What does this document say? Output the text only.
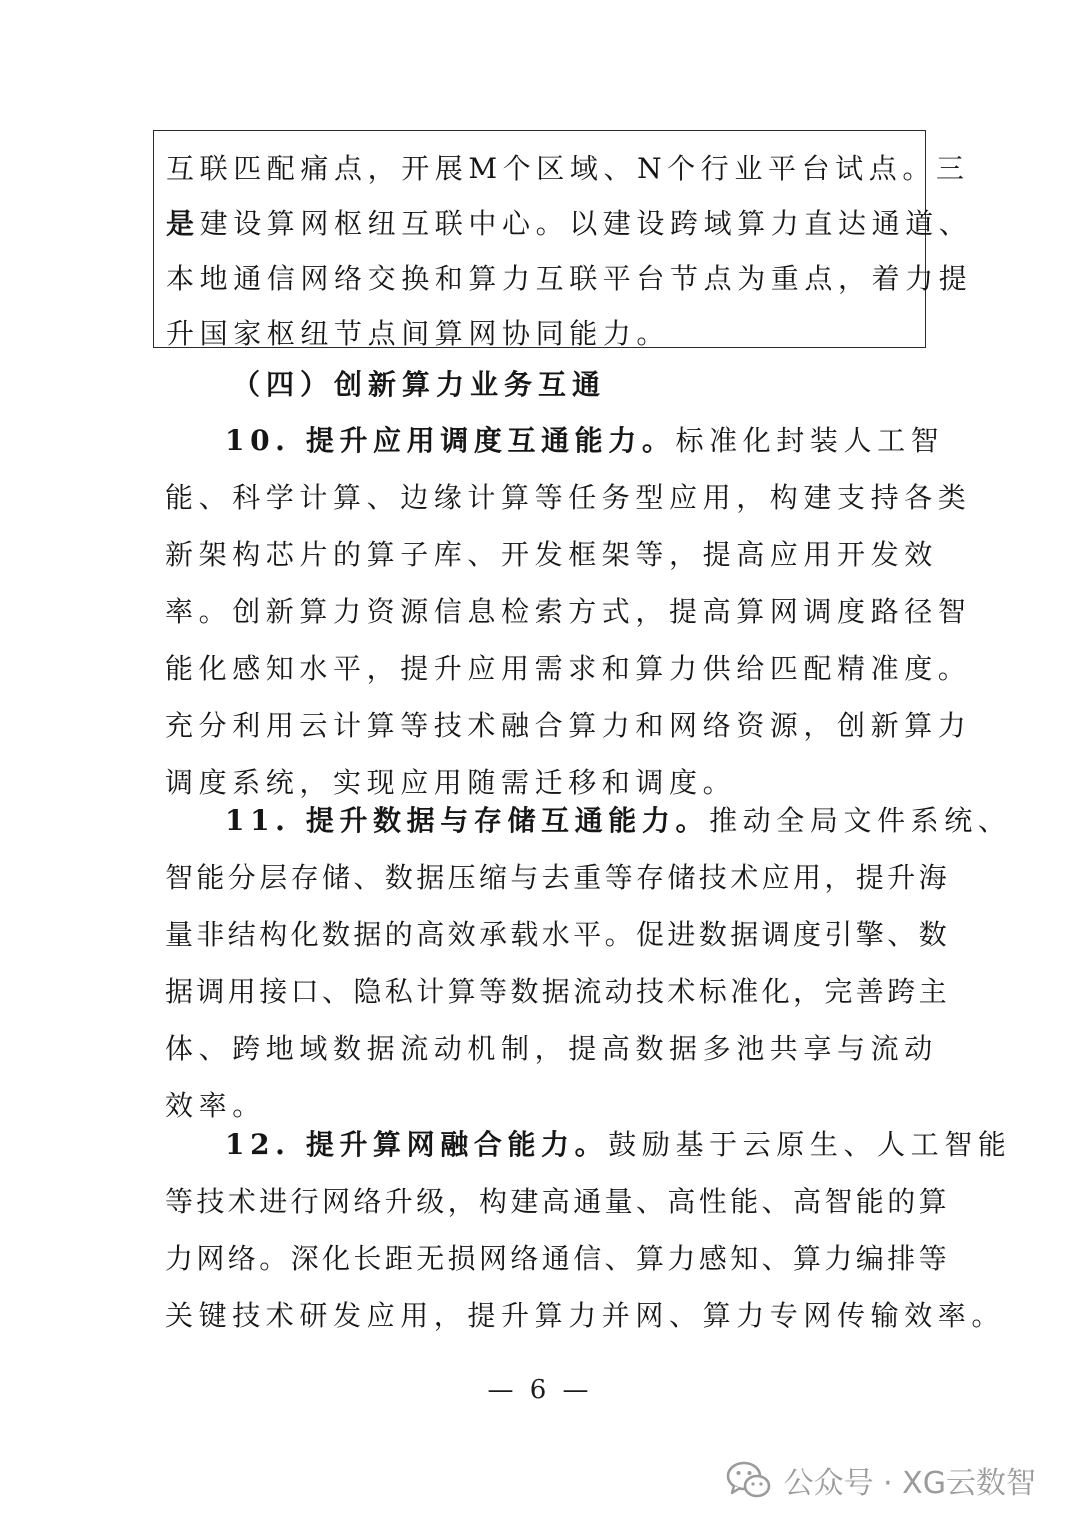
互联匹配痛点，开展M个区域、N个行业平台试点。三
是建设算网枢纽互联中心。以建设跨域算力直达通道、
本地通信网络交换和算力互联平台节点为重点，着力提
升国家枢纽节点间算网协同能力。
（四）创新算力业务互通
10. 提升应用调度互通能力。标准化封装人工智
能、科学计算、边缘计算等任务型应用，构建支持各类
新架构芯片的算子库、开发框架等，提高应用开发效
率。创新算力资源信息检索方式，提高算网调度路径智
能化感知水平，提升应用需求和算力供给匹配精准度。
充分利用云计算等技术融合算力和网络资源，创新算力
调度系统，实现应用随需迁移和调度。
11. 提升数据与存储互通能力。推动全局文件系统、
智能分层存储、数据压缩与去重等存储技术应用，提升海
量非结构化数据的高效承载水平。促进数据调度引擎、数
据调用接口、隐私计算等数据流动技术标准化，完善跨主
体、跨地域数据流动机制，提高数据多池共享与流动
效率。
12. 提升算网融合能力。鼓励基于云原生、人工智能
等技术进行网络升级，构建高通量、高性能、高智能的算
力网络。深化长距无损网络通信、算力感知、算力编排等
关键技术研发应用，提升算力并网、算力专网传输效率。
— 6 —
公众号 · XG云数智
